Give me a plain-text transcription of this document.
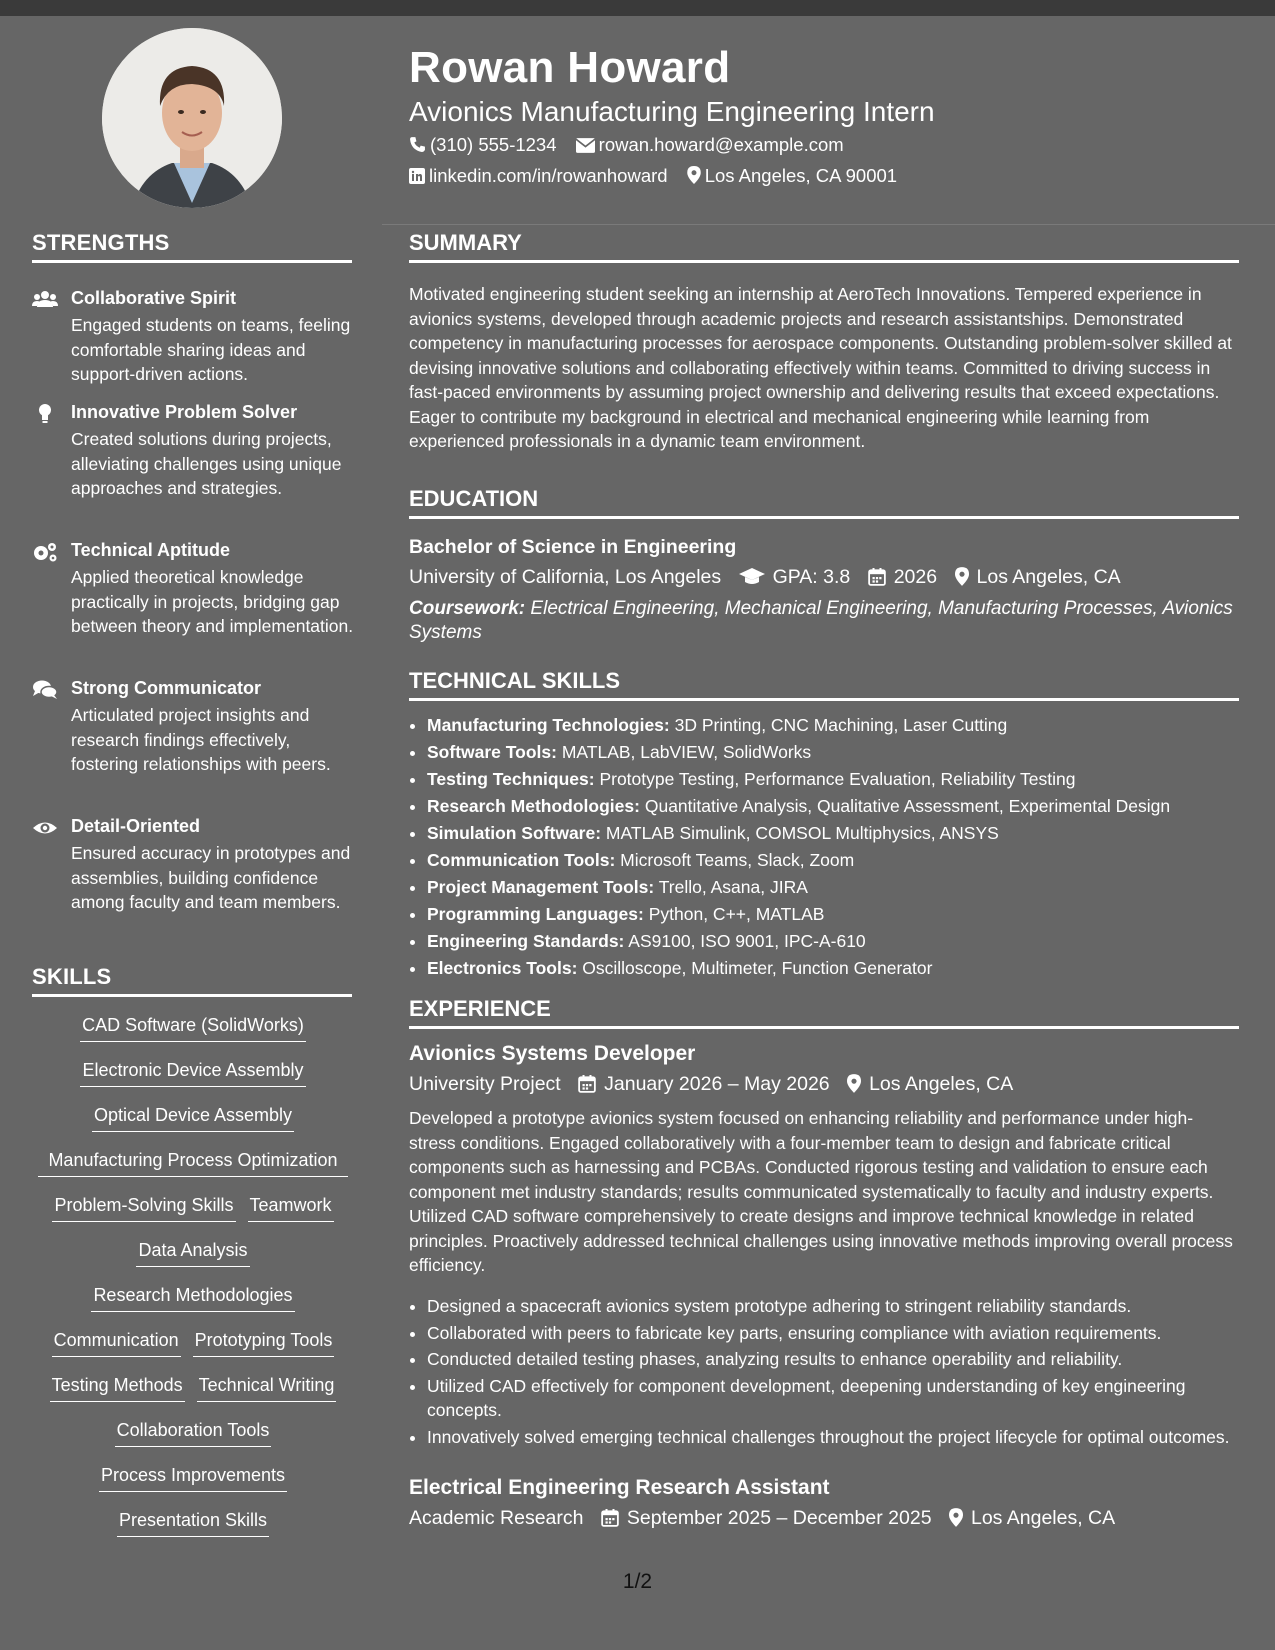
STRENGTHS
Collaborative Spirit
Engaged students on teams, feeling comfortable sharing ideas and support-driven actions.
Innovative Problem Solver
Created solutions during projects, alleviating challenges using unique approaches and strategies.
Technical Aptitude
Applied theoretical knowledge practically in projects, bridging gap between theory and implementation.
Strong Communicator
Articulated project insights and research findings effectively, fostering relationships with peers.
Detail-Oriented
Ensured accuracy in prototypes and assemblies, building confidence among faculty and team members.
SKILLS
CAD Software (SolidWorks)
Electronic Device Assembly
Optical Device Assembly
Manufacturing Process Optimization
Problem-Solving Skills Teamwork
Data Analysis
Research Methodologies
Communication Prototyping Tools
Testing Methods Technical Writing
Collaboration Tools
Process Improvements
Presentation Skills
Rowan Howard
Avionics Manufacturing Engineering Intern
(310) 555-1234 rowan.howard@example.com
linkedin.com/in/rowanhoward Los Angeles, CA 90001
SUMMARY
Motivated engineering student seeking an internship at AeroTech Innovations. Tempered experience in avionics systems, developed through academic projects and research assistantships. Demonstrated competency in manufacturing processes for aerospace components. Outstanding problem-solver skilled at devising innovative solutions and collaborating effectively within teams. Committed to driving success in fast-paced environments by assuming project ownership and delivering results that exceed expectations. Eager to contribute my background in electrical and mechanical engineering while learning from experienced professionals in a dynamic team environment.
EDUCATION
Bachelor of Science in Engineering
University of California, Los Angeles	GPA: 3.8 2026 Los Angeles, CA
Coursework: Electrical Engineering, Mechanical Engineering, Manufacturing Processes, Avionics Systems
TECHNICAL SKILLS
• Manufacturing Technologies: 3D Printing, CNC Machining, Laser Cutting
• Software Tools: MATLAB, LabVIEW, SolidWorks
• Testing Techniques: Prototype Testing, Performance Evaluation, Reliability Testing
• Research Methodologies: Quantitative Analysis, Qualitative Assessment, Experimental Design
• Simulation Software: MATLAB Simulink, COMSOL Multiphysics, ANSYS
• Communication Tools: Microsoft Teams, Slack, Zoom
• Project Management Tools: Trello, Asana, JIRA
• Programming Languages: Python, C++, MATLAB
• Engineering Standards: AS9100, ISO 9001, IPC-A-610
• Electronics Tools: Oscilloscope, Multimeter, Function Generator
EXPERIENCE
Avionics Systems Developer
University Project January 2026 – May 2026 Los Angeles, CA
Developed a prototype avionics system focused on enhancing reliability and performance under high-stress conditions. Engaged collaboratively with a four-member team to design and fabricate critical components such as harnessing and PCBAs. Conducted rigorous testing and validation to ensure each component met industry standards; results communicated systematically to faculty and industry experts. Utilized CAD software comprehensively to create designs and improve technical knowledge in related principles. Proactively addressed technical challenges using innovative methods improving overall process efficiency.
• Designed a spacecraft avionics system prototype adhering to stringent reliability standards.
• Collaborated with peers to fabricate key parts, ensuring compliance with aviation requirements.
• Conducted detailed testing phases, analyzing results to enhance operability and reliability.
• Utilized CAD effectively for component development, deepening understanding of key engineering concepts.
• Innovatively solved emerging technical challenges throughout the project lifecycle for optimal outcomes.
Electrical Engineering Research Assistant
Academic Research September 2025 – December 2025 Los Angeles, CA
1/2
